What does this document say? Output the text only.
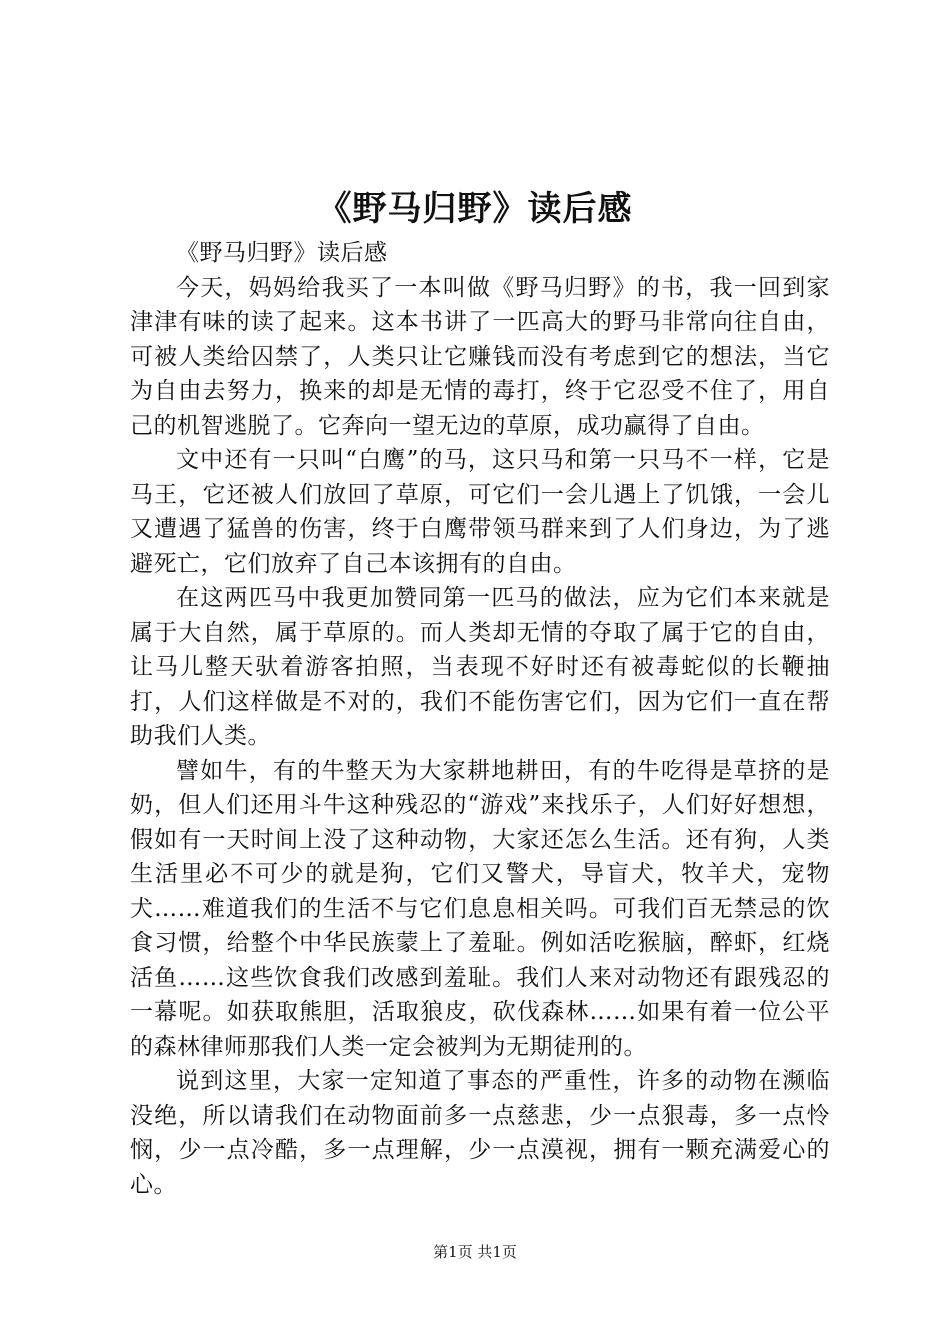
《野马归野》读后感

《野马归野》读后感

今天，妈妈给我买了一本叫做《野马归野》的书，我一回到家津津有味的读了起来。这本书讲了一匹高大的野马非常向往自由，可被人类给囚禁了，人类只让它赚钱而没有考虑到它的想法，当它为自由去努力，换来的却是无情的毒打，终于它忍受不住了，用自己的机智逃脱了。它奔向一望无边的草原，成功赢得了自由。

文中还有一只叫“白鹰”的马，这只马和第一只马不一样，它是马王，它还被人们放回了草原，可它们一会儿遇上了饥饿，一会儿又遭遇了猛兽的伤害，终于白鹰带领马群来到了人们身边，为了逃避死亡，它们放弃了自己本该拥有的自由。

在这两匹马中我更加赞同第一匹马的做法，应为它们本来就是属于大自然，属于草原的。而人类却无情的夺取了属于它的自由，让马儿整天驮着游客拍照，当表现不好时还有被毒蛇似的长鞭抽打，人们这样做是不对的，我们不能伤害它们，因为它们一直在帮助我们人类。

譬如牛，有的牛整天为大家耕地耕田，有的牛吃得是草挤的是奶，但人们还用斗牛这种残忍的“游戏”来找乐子，人们好好想想，假如有一天时间上没了这种动物，大家还怎么生活。还有狗，人类生活里必不可少的就是狗，它们又警犬，导盲犬，牧羊犬，宠物犬……难道我们的生活不与它们息息相关吗。可我们百无禁忌的饮食习惯，给整个中华民族蒙上了羞耻。例如活吃猴脑，醉虾，红烧活鱼……这些饮食我们改感到羞耻。我们人来对动物还有跟残忍的一幕呢。如获取熊胆，活取狼皮，砍伐森林……如果有着一位公平的森林律师那我们人类一定会被判为无期徒刑的。

说到这里，大家一定知道了事态的严重性，许多的动物在濒临没绝，所以请我们在动物面前多一点慈悲，少一点狠毒，多一点怜悯，少一点冷酷，多一点理解，少一点漠视，拥有一颗充满爱心的心。

第1页 共1页
